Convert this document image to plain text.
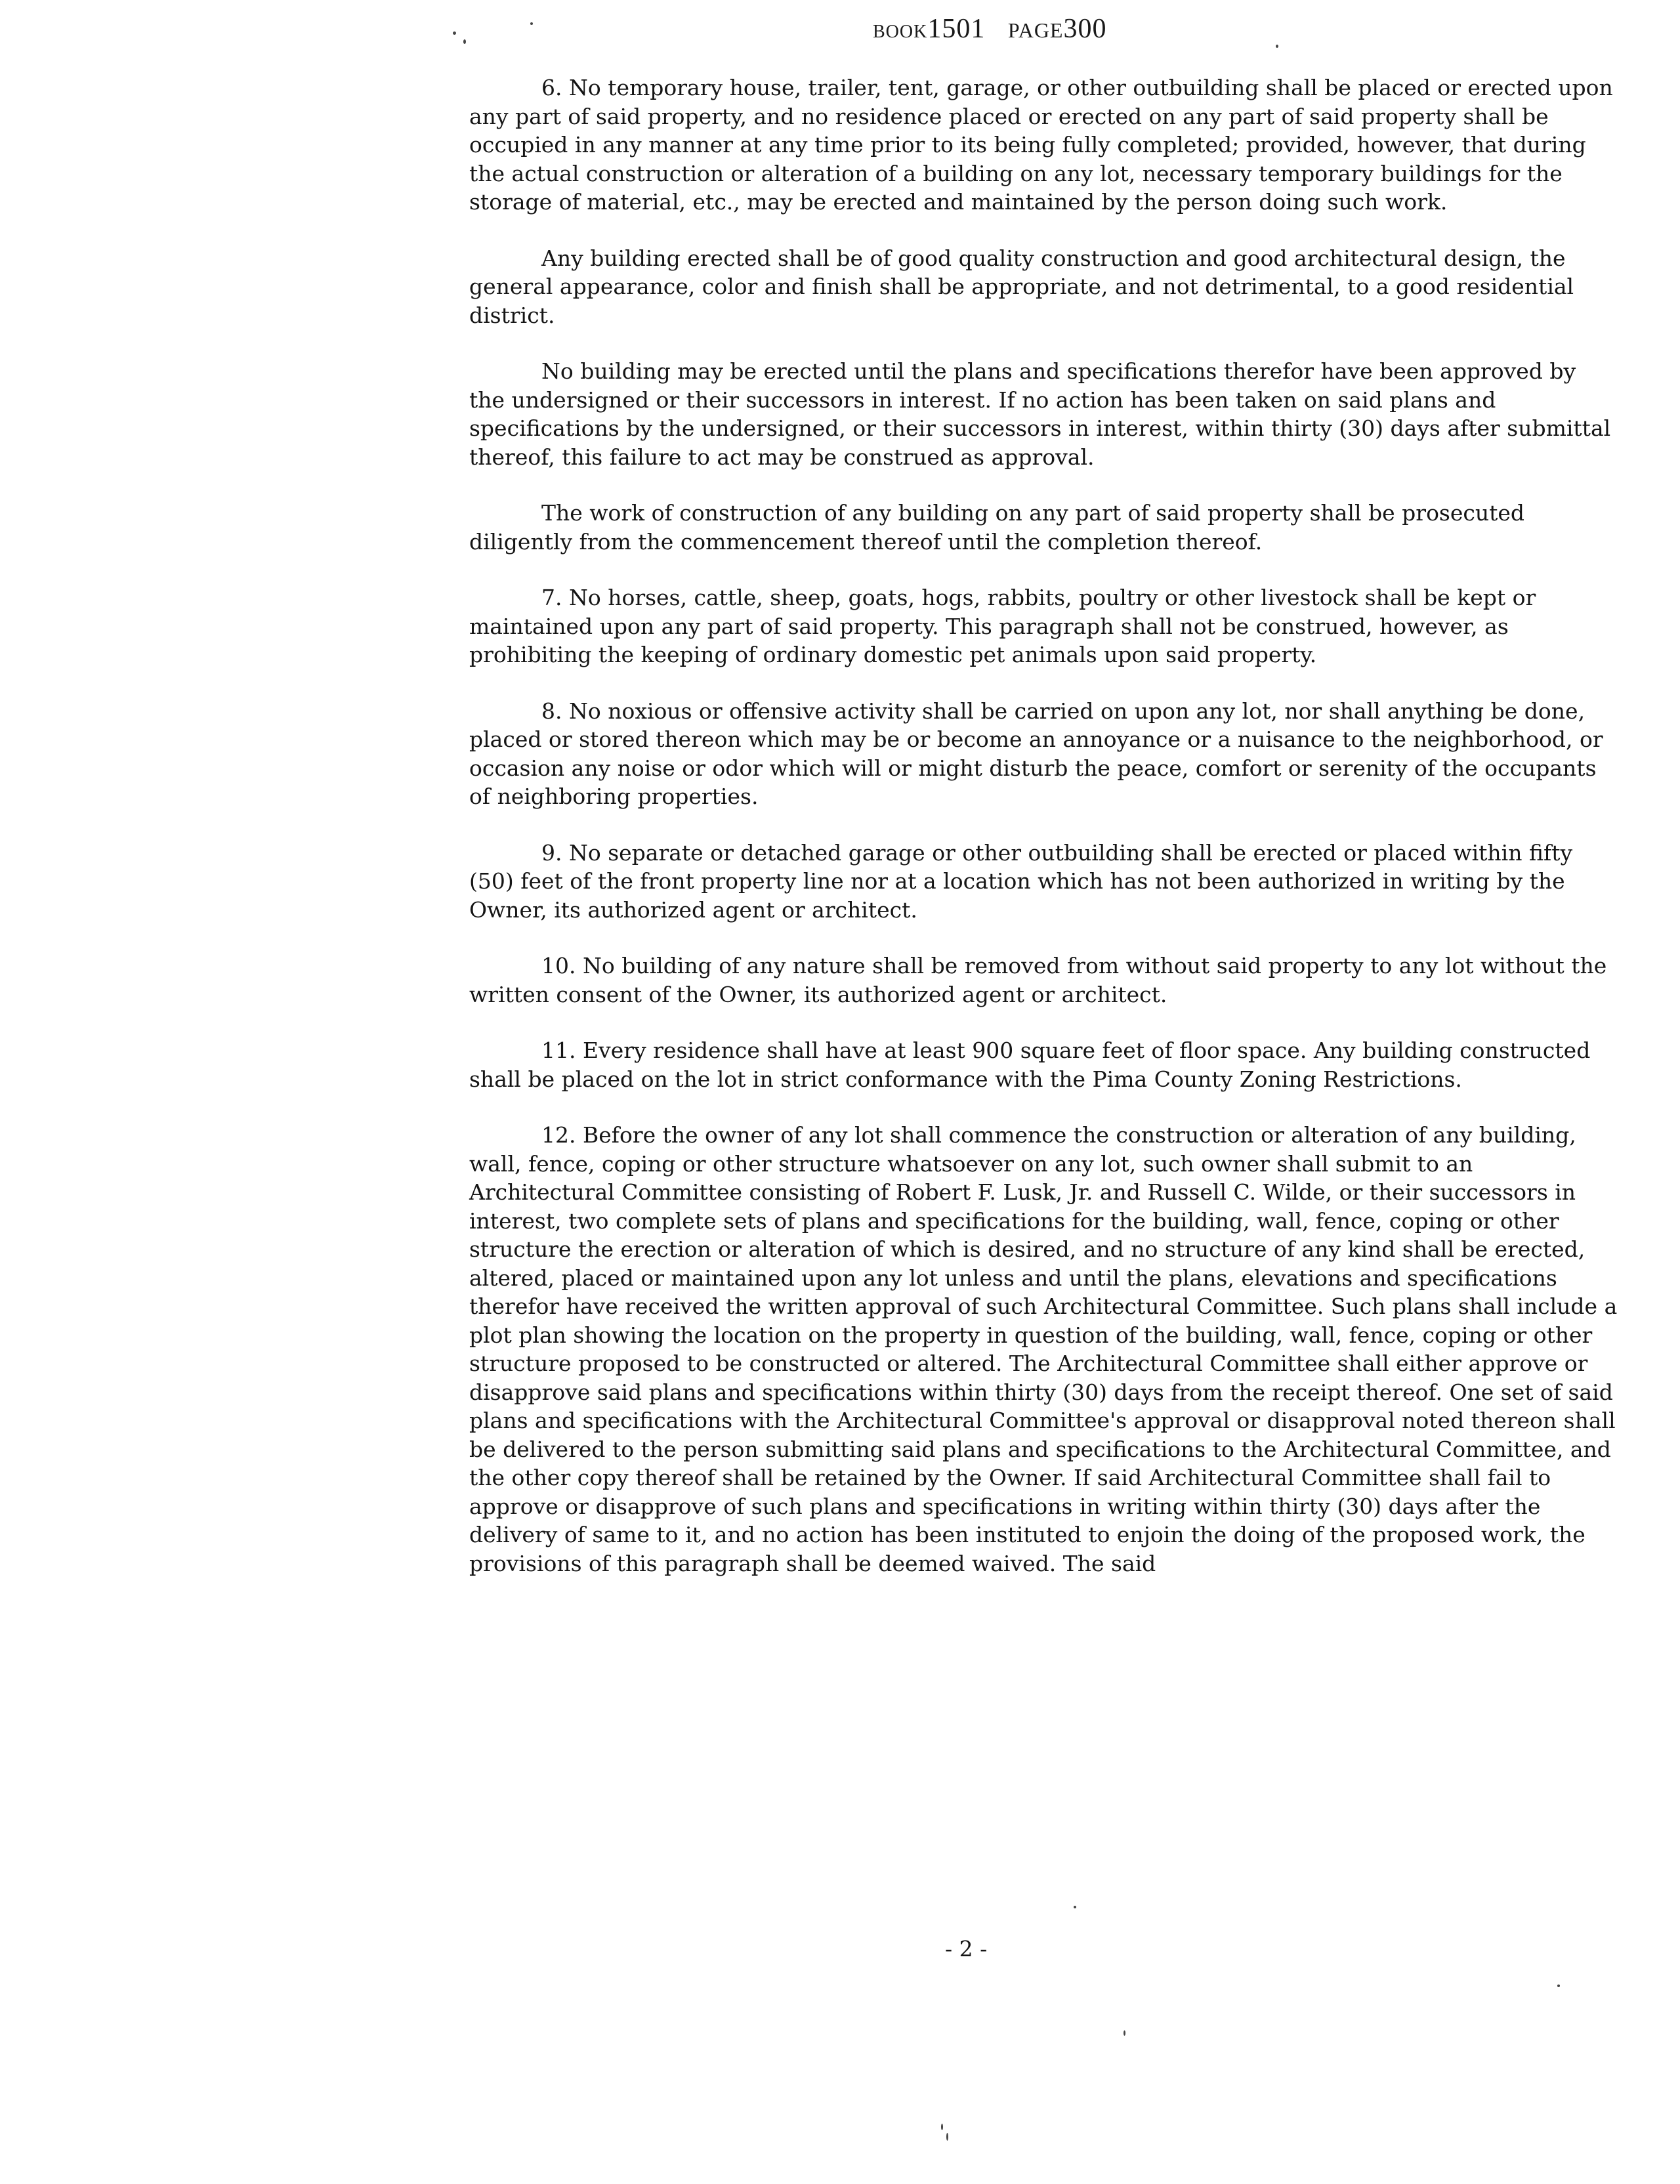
BOOK1501 PAGE300

6. No temporary house, trailer, tent, garage, or other outbuilding shall be placed or erected upon any part of said property, and no residence placed or erected on any part of said property shall be occupied in any manner at any time prior to its being fully completed; provided, however, that during the actual construction or alteration of a building on any lot, necessary temporary buildings for the storage of material, etc., may be erected and maintained by the person doing such work.

Any building erected shall be of good quality construction and good architectural design, the general appearance, color and finish shall be appropriate, and not detrimental, to a good residential district.

No building may be erected until the plans and specifications therefor have been approved by the undersigned or their successors in interest. If no action has been taken on said plans and specifications by the undersigned, or their successors in interest, within thirty (30) days after submittal thereof, this failure to act may be construed as approval.

The work of construction of any building on any part of said property shall be prosecuted diligently from the commencement thereof until the completion thereof.

7. No horses, cattle, sheep, goats, hogs, rabbits, poultry or other livestock shall be kept or maintained upon any part of said property. This paragraph shall not be construed, however, as prohibiting the keeping of ordinary domestic pet animals upon said property.

8. No noxious or offensive activity shall be carried on upon any lot, nor shall anything be done, placed or stored thereon which may be or become an annoyance or a nuisance to the neighborhood, or occasion any noise or odor which will or might disturb the peace, comfort or serenity of the occupants of neighboring properties.

9. No separate or detached garage or other outbuilding shall be erected or placed within fifty (50) feet of the front property line nor at a location which has not been authorized in writing by the Owner, its authorized agent or architect.

10. No building of any nature shall be removed from without said property to any lot without the written consent of the Owner, its authorized agent or architect.

11. Every residence shall have at least 900 square feet of floor space. Any building constructed shall be placed on the lot in strict conformance with the Pima County Zoning Restrictions.

12. Before the owner of any lot shall commence the construction or alteration of any building, wall, fence, coping or other structure whatsoever on any lot, such owner shall submit to an Architectural Committee consisting of Robert F. Lusk, Jr. and Russell C. Wilde, or their successors in interest, two complete sets of plans and specifications for the building, wall, fence, coping or other structure the erection or alteration of which is desired, and no structure of any kind shall be erected, altered, placed or maintained upon any lot unless and until the plans, elevations and specifications therefor have received the written approval of such Architectural Committee. Such plans shall include a plot plan showing the location on the property in question of the building, wall, fence, coping or other structure proposed to be constructed or altered. The Architectural Committee shall either approve or disapprove said plans and specifications within thirty (30) days from the receipt thereof. One set of said plans and specifications with the Architectural Committee's approval or disapproval noted thereon shall be delivered to the person submitting said plans and specifications to the Architectural Committee, and the other copy thereof shall be retained by the Owner. If said Architectural Committee shall fail to approve or disapprove of such plans and specifications in writing within thirty (30) days after the delivery of same to it, and no action has been instituted to enjoin the doing of the proposed work, the provisions of this paragraph shall be deemed waived. The said

- 2 -
